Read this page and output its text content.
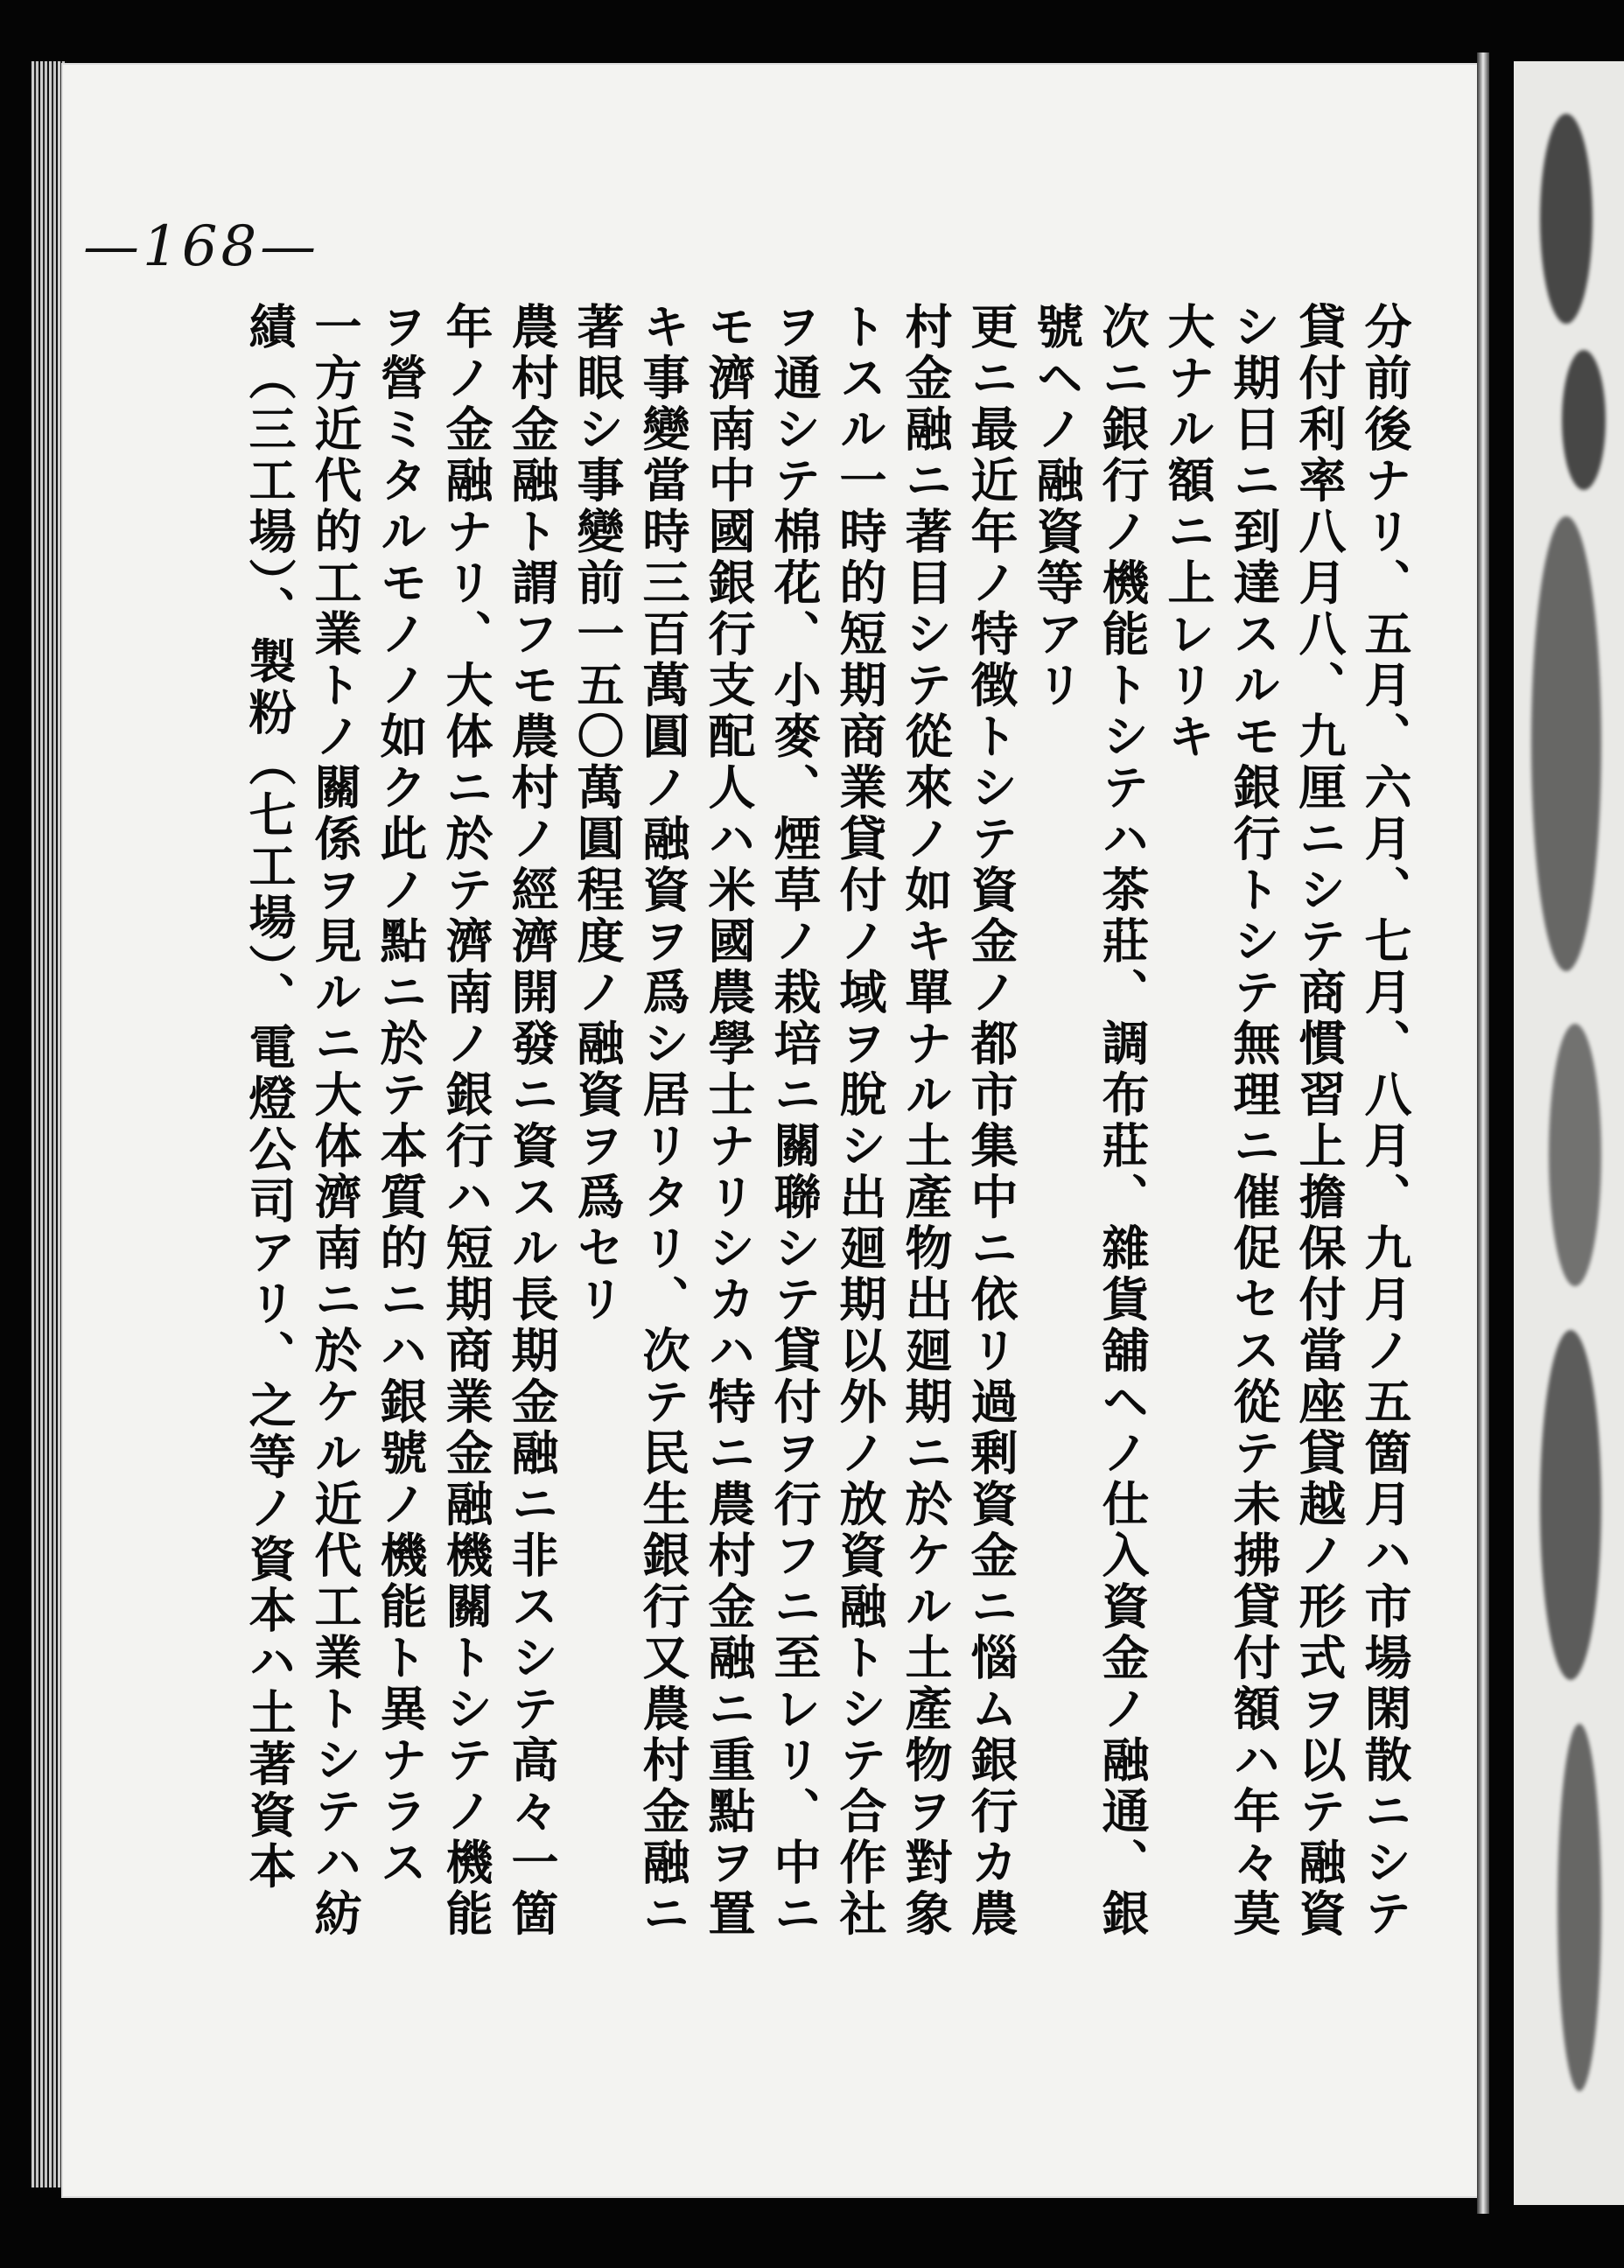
—168—

分前後ナリ、五月、六月、七月、八月、九月ノ五箇月ハ市場閑散ニシテ

貸付利率八月八、九厘ニシテ商慣習上擔保付當座貸越ノ形式ヲ以テ融資

シ期日ニ到達スルモ銀行トシテ無理ニ催促セス從テ未拂貸付額ハ年々莫

大ナル額ニ上レリキ

次ニ銀行ノ機能トシテハ茶莊、調布莊、雜貨舖ヘノ仕入資金ノ融通、銀

號ヘノ融資等アリ

更ニ最近年ノ特徴トシテ資金ノ都市集中ニ依リ過剰資金ニ惱ム銀行カ農

村金融ニ著目シテ從來ノ如キ單ナル土產物出廻期ニ於ケル土產物ヲ對象

トスル一時的短期商業貸付ノ域ヲ脫シ出廻期以外ノ放資融トシテ合作社

ヲ通シテ棉花、小麥、煙草ノ栽培ニ關聯シテ貸付ヲ行フニ至レリ、中ニ

モ濟南中國銀行支配人ハ米國農學士ナリシカハ特ニ農村金融ニ重點ヲ置

キ事變當時三百萬圓ノ融資ヲ爲シ居リタリ、次テ民生銀行又農村金融ニ

著眼シ事變前一五〇萬圓程度ノ融資ヲ爲セリ

農村金融ト謂フモ農村ノ經濟開發ニ資スル長期金融ニ非スシテ高々一箇

年ノ金融ナリ、大体ニ於テ濟南ノ銀行ハ短期商業金融機關トシテノ機能

ヲ營ミタルモノノ如ク此ノ點ニ於テ本質的ニハ銀號ノ機能ト異ナラス

一方近代的工業トノ關係ヲ見ルニ大体濟南ニ於ケル近代工業トシテハ紡

績（三工場）、製粉（七工場）、電燈公司アリ、之等ノ資本ハ土著資本
